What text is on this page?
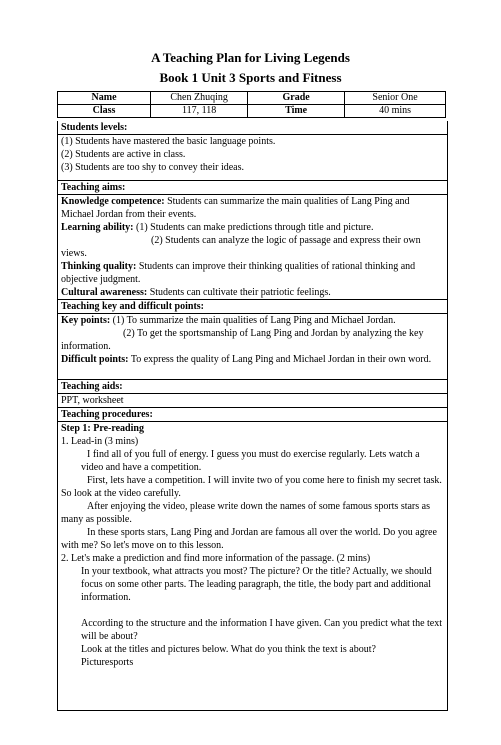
A Teaching Plan for Living Legends
Book 1 Unit 3 Sports and Fitness
Name	Chen Zhuqing	Grade	Senior One
Class	117, 118	Time	40 mins

Students levels:

(1) Students have mastered the basic language points.

(2) Students are active in class.

(3) Students are too shy to convey their ideas.

Teaching aims:

Knowledge competence: Students can summarize the main qualities of Lang Ping and Michael Jordan from their events.

Learning ability: (1) Students can make predictions through title and picture.

(2) Students can analyze the logic of passage and express their own views.

Thinking quality: Students can improve their thinking qualities of rational thinking and objective judgment.

Cultural awareness: Students can cultivate their patriotic feelings.

Teaching key and difficult points:

Key points: (1) To summarize the main qualities of Lang Ping and Michael Jordan.

(2) To get the sportsmanship of Lang Ping and Jordan by analyzing the key information.

Difficult points: To express the quality of Lang Ping and Michael Jordan in their own word.

Teaching aids:

PPT, worksheet

Teaching procedures:

Step 1: Pre-reading

1. Lead-in (3 mins)

I find all of you full of energy. I guess you must do exercise regularly. Lets watch a video and have a competition.

First, lets have a competition. I will invite two of you come here to finish my secret task. So look at the video carefully.

After enjoying the video, please write down the names of some famous sports stars as many as possible.

In these sports stars, Lang Ping and Jordan are famous all over the world. Do you agree with me? So let's move on to this lesson.

2. Let's make a prediction and find more information of the passage. (2 mins)

In your textbook, what attracts you most? The picture? Or the title? Actually, we should focus on some other parts. The leading paragraph, the title, the body part and additional information.

According to the structure and the information I have given. Can you predict what the text will be about?

Look at the titles and pictures below. What do you think the text is about?

Picturesports
